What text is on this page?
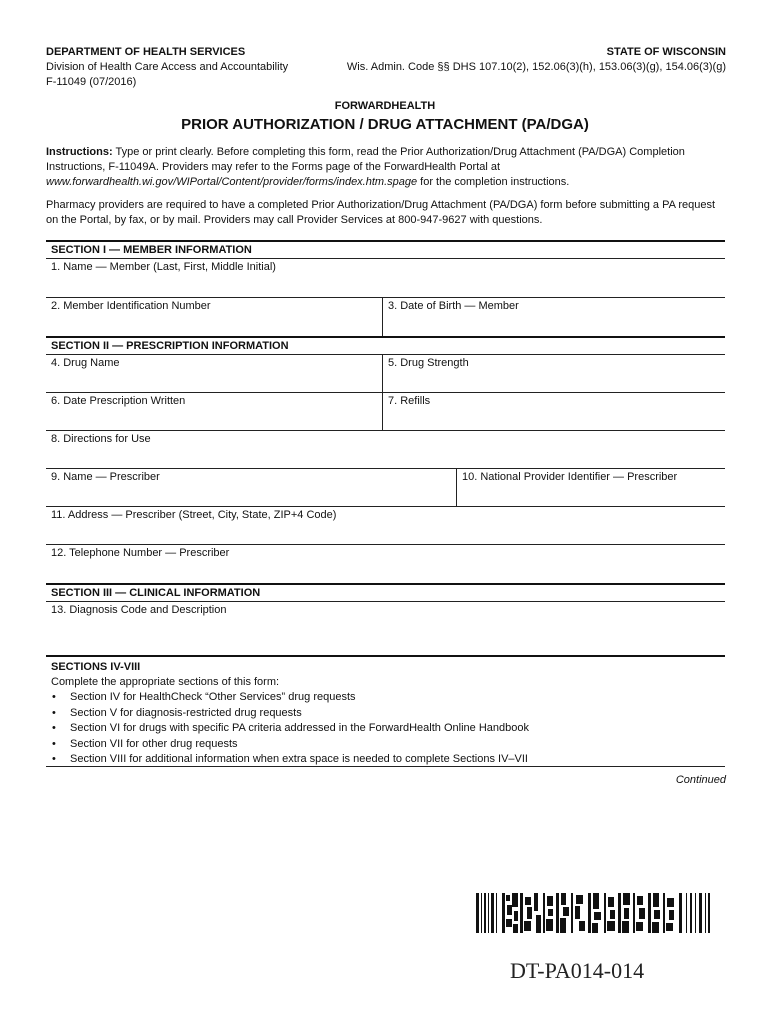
DEPARTMENT OF HEALTH SERVICES
Division of Health Care Access and Accountability
F-11049 (07/2016)
STATE OF WISCONSIN
Wis. Admin. Code §§ DHS 107.10(2), 152.06(3)(h), 153.06(3)(g), 154.06(3)(g)
FORWARDHEALTH
PRIOR AUTHORIZATION / DRUG ATTACHMENT (PA/DGA)
Instructions: Type or print clearly. Before completing this form, read the Prior Authorization/Drug Attachment (PA/DGA) Completion Instructions, F-11049A. Providers may refer to the Forms page of the ForwardHealth Portal at www.forwardhealth.wi.gov/WIPortal/Content/provider/forms/index.htm.spage for the completion instructions.
Pharmacy providers are required to have a completed Prior Authorization/Drug Attachment (PA/DGA) form before submitting a PA request on the Portal, by fax, or by mail. Providers may call Provider Services at 800-947-9627 with questions.
SECTION I — MEMBER INFORMATION
1. Name — Member (Last, First, Middle Initial)
2. Member Identification Number	3. Date of Birth — Member
SECTION II — PRESCRIPTION INFORMATION
4. Drug Name	5. Drug Strength
6. Date Prescription Written	7. Refills
8. Directions for Use
9. Name — Prescriber	10. National Provider Identifier — Prescriber
11. Address — Prescriber (Street, City, State, ZIP+4 Code)
12. Telephone Number — Prescriber
SECTION III — CLINICAL INFORMATION
13. Diagnosis Code and Description
SECTIONS IV-VIII
Complete the appropriate sections of this form:
• Section IV for HealthCheck “Other Services” drug requests
• Section V for diagnosis-restricted drug requests
• Section VI for drugs with specific PA criteria addressed in the ForwardHealth Online Handbook
• Section VII for other drug requests
• Section VIII for additional information when extra space is needed to complete Sections IV–VII
Continued
DT-PA014-014
